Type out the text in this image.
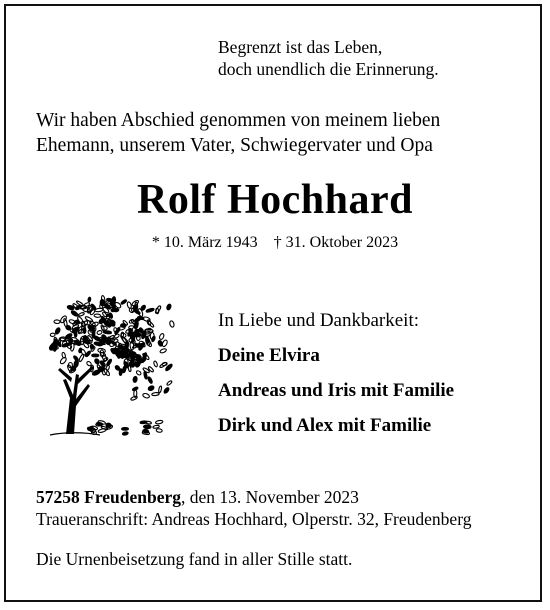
Begrenzt ist das Leben,
doch unendlich die Erinnerung.
Wir haben Abschied genommen von meinem lieben
Ehemann, unserem Vater, Schwiegervater und Opa
Rolf Hochhard
* 10. März 1943 † 31. Oktober 2023
In Liebe und Dankbarkeit:
Deine Elvira
Andreas und Iris mit Familie
Dirk und Alex mit Familie
57258 Freudenberg, den 13. November 2023
Traueranschrift: Andreas Hochhard, Olperstr. 32, Freudenberg
Die Urnenbeisetzung fand in aller Stille statt.
